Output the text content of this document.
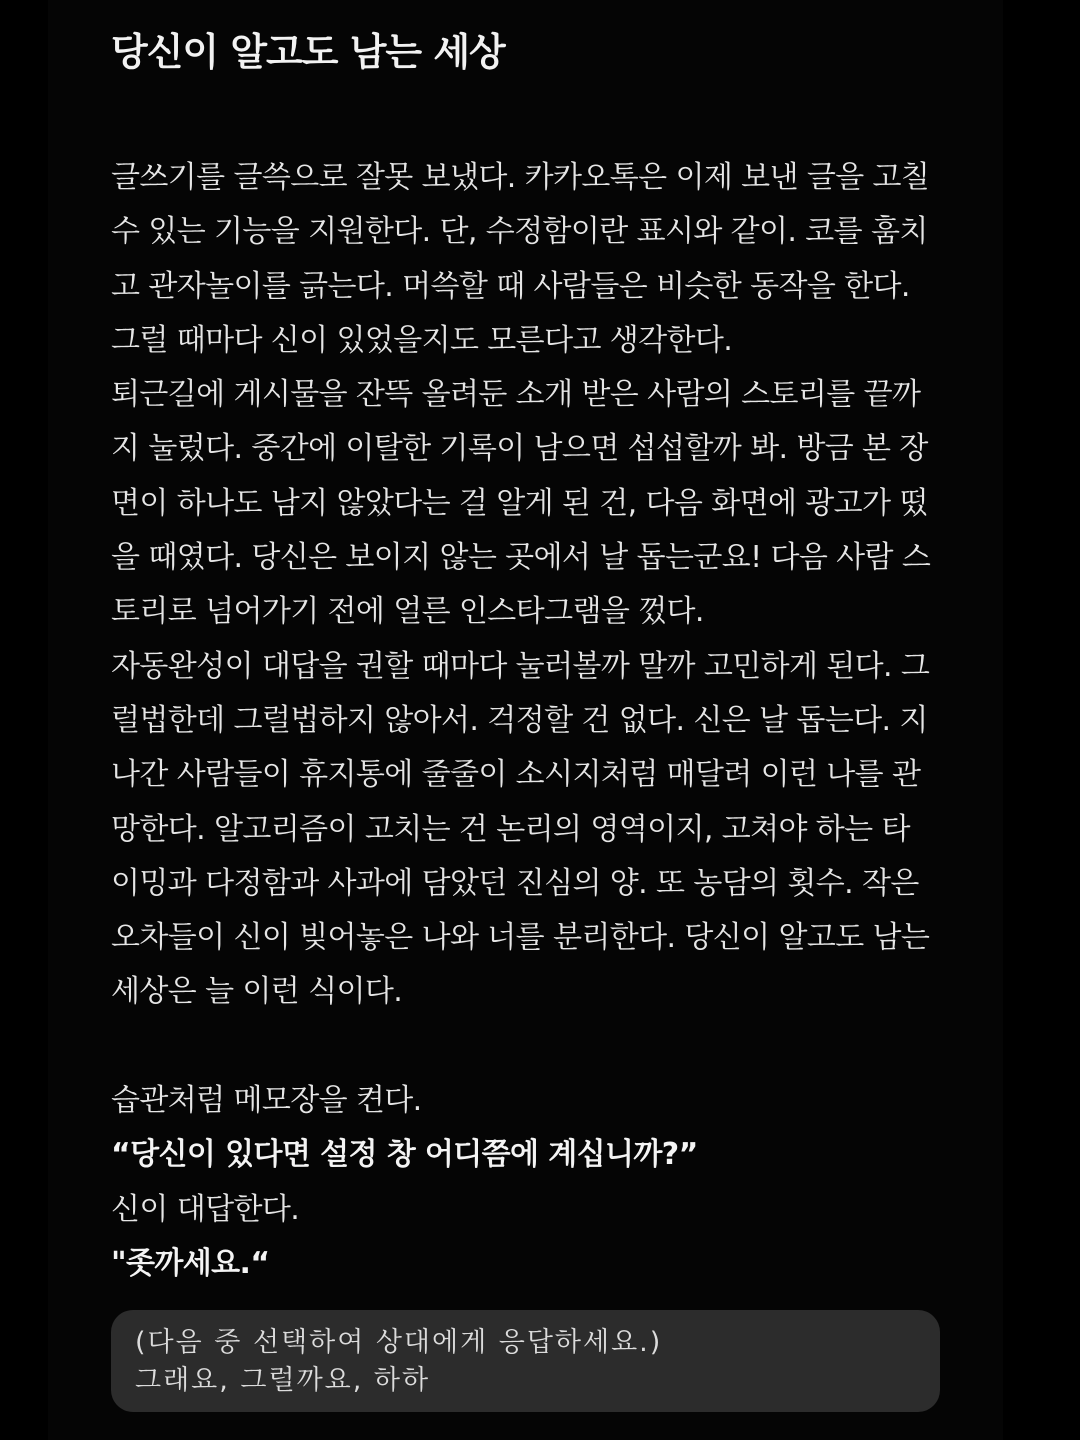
당신이 알고도 남는 세상
글쓰기를 글쓱으로 잘못 보냈다. 카카오톡은 이제 보낸 글을 고칠
수 있는 기능을 지원한다. 단, 수정함이란 표시와 같이. 코를 훔치
고 관자놀이를 긁는다. 머쓱할 때 사람들은 비슷한 동작을 한다.
그럴 때마다 신이 있었을지도 모른다고 생각한다.
퇴근길에 게시물을 잔뜩 올려둔 소개 받은 사람의 스토리를 끝까
지 눌렀다. 중간에 이탈한 기록이 남으면 섭섭할까 봐. 방금 본 장
면이 하나도 남지 않았다는 걸 알게 된 건, 다음 화면에 광고가 떴
을 때였다. 당신은 보이지 않는 곳에서 날 돕는군요! 다음 사람 스
토리로 넘어가기 전에 얼른 인스타그램을 껐다.
자동완성이 대답을 권할 때마다 눌러볼까 말까 고민하게 된다. 그
럴법한데 그럴법하지 않아서. 걱정할 건 없다. 신은 날 돕는다. 지
나간 사람들이 휴지통에 줄줄이 소시지처럼 매달려 이런 나를 관
망한다. 알고리즘이 고치는 건 논리의 영역이지, 고쳐야 하는 타
이밍과 다정함과 사과에 담았던 진심의 양. 또 농담의 횟수. 작은
오차들이 신이 빚어놓은 나와 너를 분리한다. 당신이 알고도 남는
세상은 늘 이런 식이다.
습관처럼 메모장을 켠다.
“당신이 있다면 설정 창 어디쯤에 계십니까?”
신이 대답한다.
"좃까세요.“
(다음 중 선택하여 상대에게 응답하세요.)
그래요, 그럴까요, 하하
